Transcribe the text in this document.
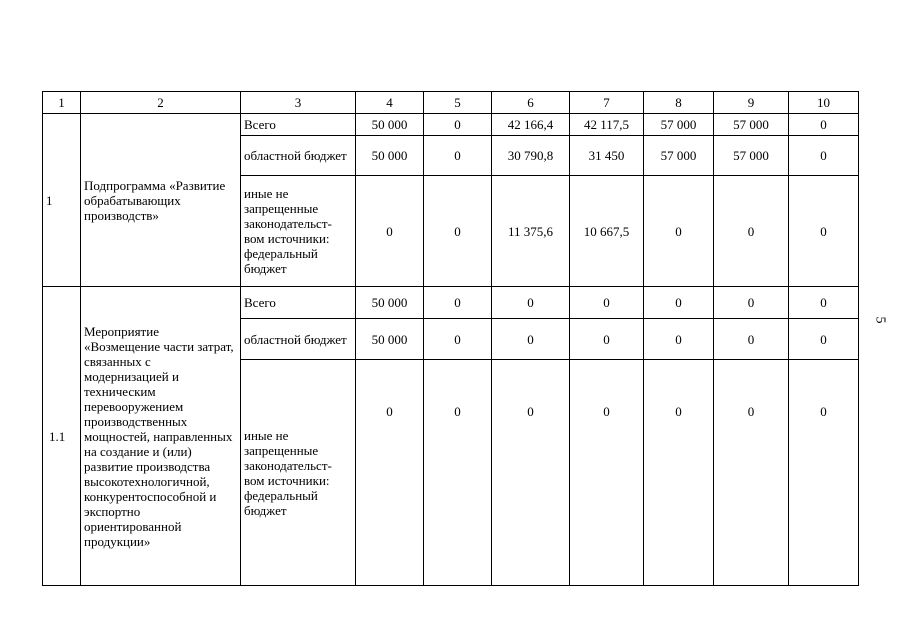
1	2	3	4	5	6	7	8	9	10
1	Подпрограмма «Развитие обрабатывающих производств»	Всего	50 000	0	42 166,4	42 117,5	57 000	57 000	0
		областной бюджет	50 000	0	30 790,8	31 450	57 000	57 000	0
		иные не запрещенные законодательст-вом источники: федеральный бюджет	0	0	11 375,6	10 667,5	0	0	0
1.1	Мероприятие «Возмещение части затрат, связанных с модернизацией и техническим перевооружением производственных мощностей, направленных на создание и (или) развитие производства высокотехнологичной, конкурентоспособной и экспортно ориентированной продукции»	Всего	50 000	0	0	0	0	0	0
		областной бюджет	50 000	0	0	0	0	0	0
		иные не запрещенные законодательст-вом источники: федеральный бюджет	0	0	0	0	0	0	0
5
